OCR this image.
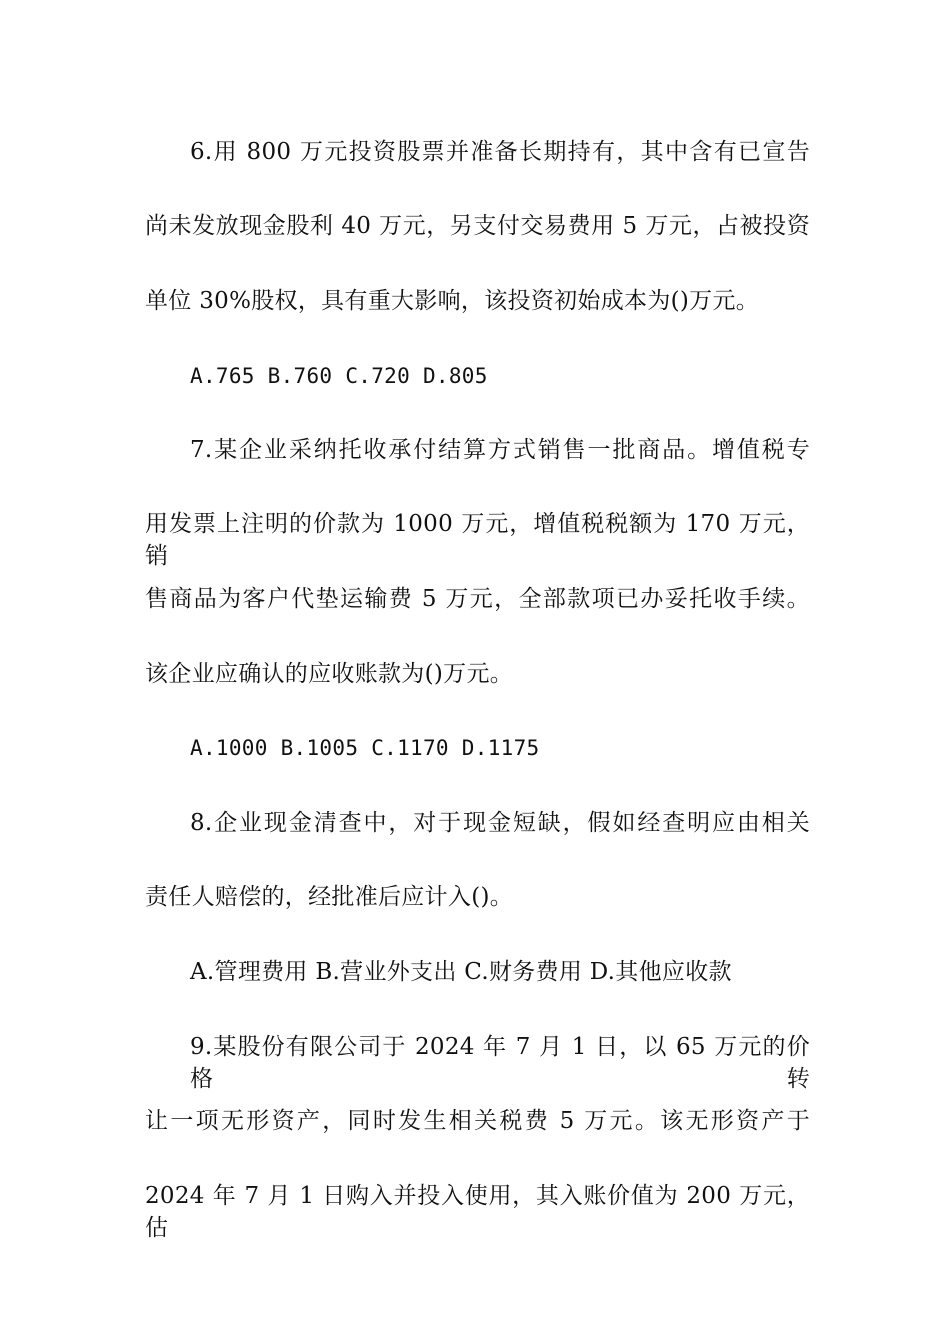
6.用 800 万元投资股票并准备长期持有，其中含有已宣告
尚未发放现金股利 40 万元，另支付交易费用 5 万元，占被投资
单位 30%股权，具有重大影响，该投资初始成本为()万元。
A.765 B.760 C.720 D.805
7.某企业采纳托收承付结算方式销售一批商品。增值税专
用发票上注明的价款为 1000 万元，增值税税额为 170 万元，销
售商品为客户代垫运输费 5 万元，全部款项已办妥托收手续。
该企业应确认的应收账款为()万元。
A.1000 B.1005 C.1170 D.1175
8.企业现金清查中，对于现金短缺，假如经查明应由相关
责任人赔偿的，经批准后应计入()。
A.管理费用 B.营业外支出 C.财务费用 D.其他应收款
9.某股份有限公司于 2024 年 7 月 1 日，以 65 万元的价格转
让一项无形资产，同时发生相关税费 5 万元。该无形资产于
2024 年 7 月 1 日购入并投入使用，其入账价值为 200 万元，估
